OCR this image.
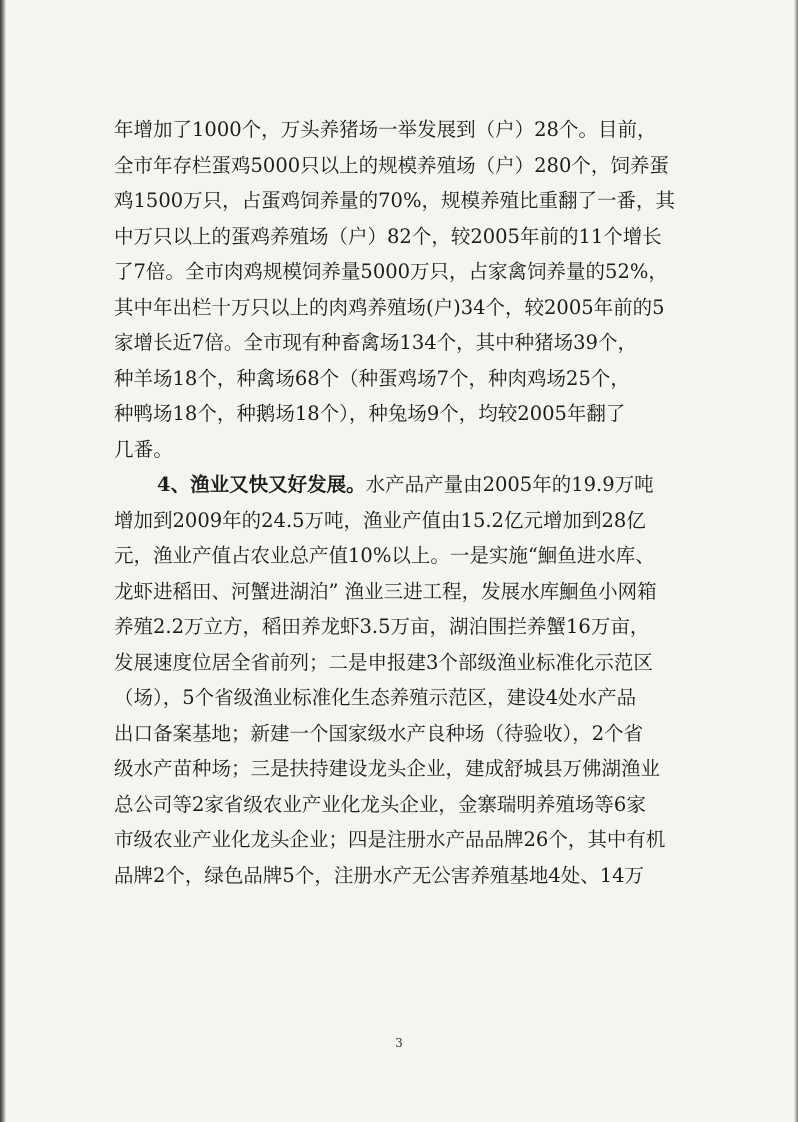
年增加了1000个，万头养猪场一举发展到（户）28个。目前，
全市年存栏蛋鸡5000只以上的规模养殖场（户）280个，饲养蛋
鸡1500万只，占蛋鸡饲养量的70%，规模养殖比重翻了一番，其
中万只以上的蛋鸡养殖场（户）82个，较2005年前的11个增长
了7倍。全市肉鸡规模饲养量5000万只，占家禽饲养量的52%，
其中年出栏十万只以上的肉鸡养殖场(户)34个，较2005年前的5
家增长近7倍。全市现有种畜禽场134个，其中种猪场39个，
种羊场18个，种禽场68个（种蛋鸡场7个，种肉鸡场25个，
种鸭场18个，种鹅场18个），种兔场9个，均较2005年翻了
几番。
4、渔业又快又好发展。水产品产量由2005年的19.9万吨
增加到2009年的24.5万吨，渔业产值由15.2亿元增加到28亿
元，渔业产值占农业总产值10%以上。一是实施“鮰鱼进水库、
龙虾进稻田、河蟹进湖泊” 渔业三进工程，发展水库鮰鱼小网箱
养殖2.2万立方，稻田养龙虾3.5万亩，湖泊围拦养蟹16万亩，
发展速度位居全省前列；二是申报建3个部级渔业标准化示范区
（场），5个省级渔业标准化生态养殖示范区，建设4处水产品
出口备案基地；新建一个国家级水产良种场（待验收），2个省
级水产苗种场；三是扶持建设龙头企业，建成舒城县万佛湖渔业
总公司等2家省级农业产业化龙头企业，金寨瑞明养殖场等6家
市级农业产业化龙头企业；四是注册水产品品牌26个，其中有机
品牌2个，绿色品牌5个，注册水产无公害养殖基地4处、14万
3
